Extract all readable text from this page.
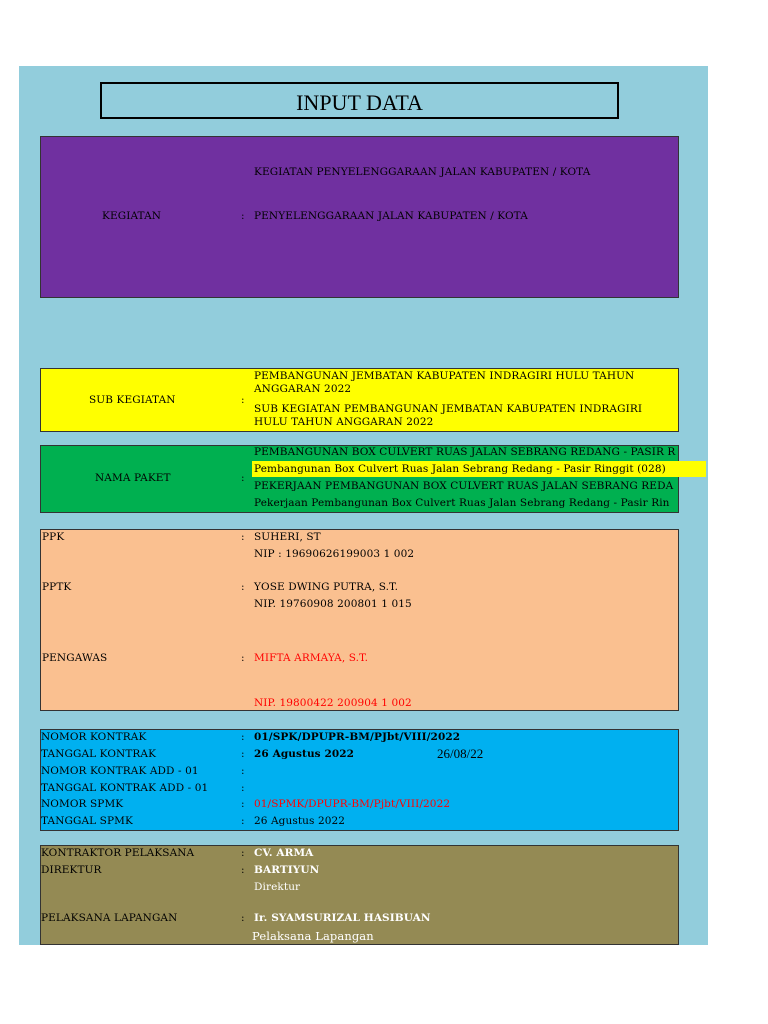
INPUT DATA
KEGIATAN	:
KEGIATAN PENYELENGGARAAN JALAN KABUPATEN / KOTA
PENYELENGGARAAN JALAN KABUPATEN / KOTA
SUB KEGIATAN	:
PEMBANGUNAN JEMBATAN KABUPATEN INDRAGIRI HULU TAHUN
ANGGARAN 2022
SUB KEGIATAN PEMBANGUNAN JEMBATAN KABUPATEN INDRAGIRI
HULU TAHUN ANGGARAN 2022
NAMA PAKET	:
PEMBANGUNAN BOX CULVERT RUAS JALAN SEBRANG REDANG - PASIR R
Pembangunan Box Culvert Ruas Jalan Sebrang Redang - Pasir Ringgit (028)
PEKERJAAN PEMBANGUNAN BOX CULVERT RUAS JALAN SEBRANG REDA
Pekerjaan Pembangunan Box Culvert Ruas Jalan Sebrang Redang - Pasir Rin
PPK	: SUHERI, ST
NIP : 19690626199003 1 002
PPTK	: YOSE DWING PUTRA, S.T.
NIP. 19760908 200801 1 015
PENGAWAS	: MIFTA ARMAYA, S.T.
NIP. 19800422 200904 1 002
NOMOR KONTRAK	: 01/SPK/DPUPR-BM/PJbt/VIII/2022
TANGGAL KONTRAK	: 26 Agustus 2022	26/08/22
NOMOR KONTRAK ADD - 01	:
TANGGAL KONTRAK ADD - 01	:
NOMOR SPMK	: 01/SPMK/DPUPR-BM/Pjbt/VIII/2022
TANGGAL SPMK	: 26 Agustus 2022
KONTRAKTOR PELAKSANA	: CV. ARMA
DIREKTUR	: BARTIYUN
Direktur
PELAKSANA LAPANGAN	: Ir. SYAMSURIZAL HASIBUAN
Pelaksana Lapangan
